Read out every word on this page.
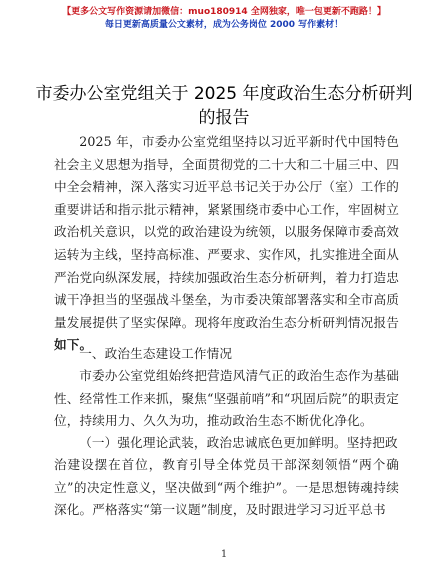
【更多公文写作资源请加微信：muo180914 全网独家，唯一包更新不跑路！】
每日更新高质量公文素材，成为公务岗位 2000 写作素材！
市委办公室党组关于 2025 年度政治生态分析研判的报告
2025 年，市委办公室党组坚持以习近平新时代中国特色社会主义思想为指导，全面贯彻党的二十大和二十届三中、四中全会精神，深入落实习近平总书记关于办公厅（室）工作的重要讲话和指示批示精神，紧紧围绕市委中心工作，牢固树立政治机关意识，以党的政治建设为统领，以服务保障市委高效运转为主线，坚持高标准、严要求、实作风，扎实推进全面从严治党向纵深发展，持续加强政治生态分析研判，着力打造忠诚干净担当的坚强战斗堡垒，为市委决策部署落实和全市高质量发展提供了坚实保障。现将年度政治生态分析研判情况报告如下。
一、政治生态建设工作情况
市委办公室党组始终把营造风清气正的政治生态作为基础性、经常性工作来抓，聚焦“坚强前哨”和“巩固后院”的职责定位，持续用力、久久为功，推动政治生态不断优化净化。
（一）强化理论武装，政治忠诚底色更加鲜明。坚持把政
治建设摆在首位，教育引导全体党员干部深刻领悟“两个确立”的决定性意义，坚决做到“两个维护”。一是思想铸魂持续深化。严格落实“第一议题”制度，及时跟进学习习近平总书
1
